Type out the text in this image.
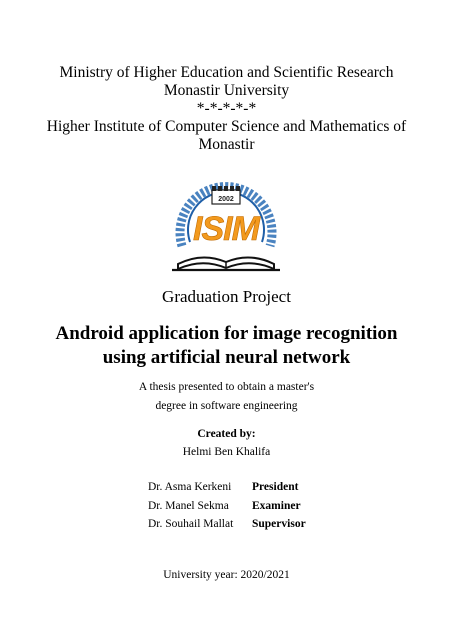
Ministry of Higher Education and Scientific Research
Monastir University
*-*-*-*-*
Higher Institute of Computer Science and Mathematics of
Monastir
2002
ISIM
Graduation Project
Android application for image recognition
using artificial neural network
A thesis presented to obtain a master's
degree in software engineering
Created by:
Helmi Ben Khalifa
Dr. Asma Kerkeni President
Dr. Manel Sekma Examiner
Dr. Souhail Mallat Supervisor
University year: 2020/2021
